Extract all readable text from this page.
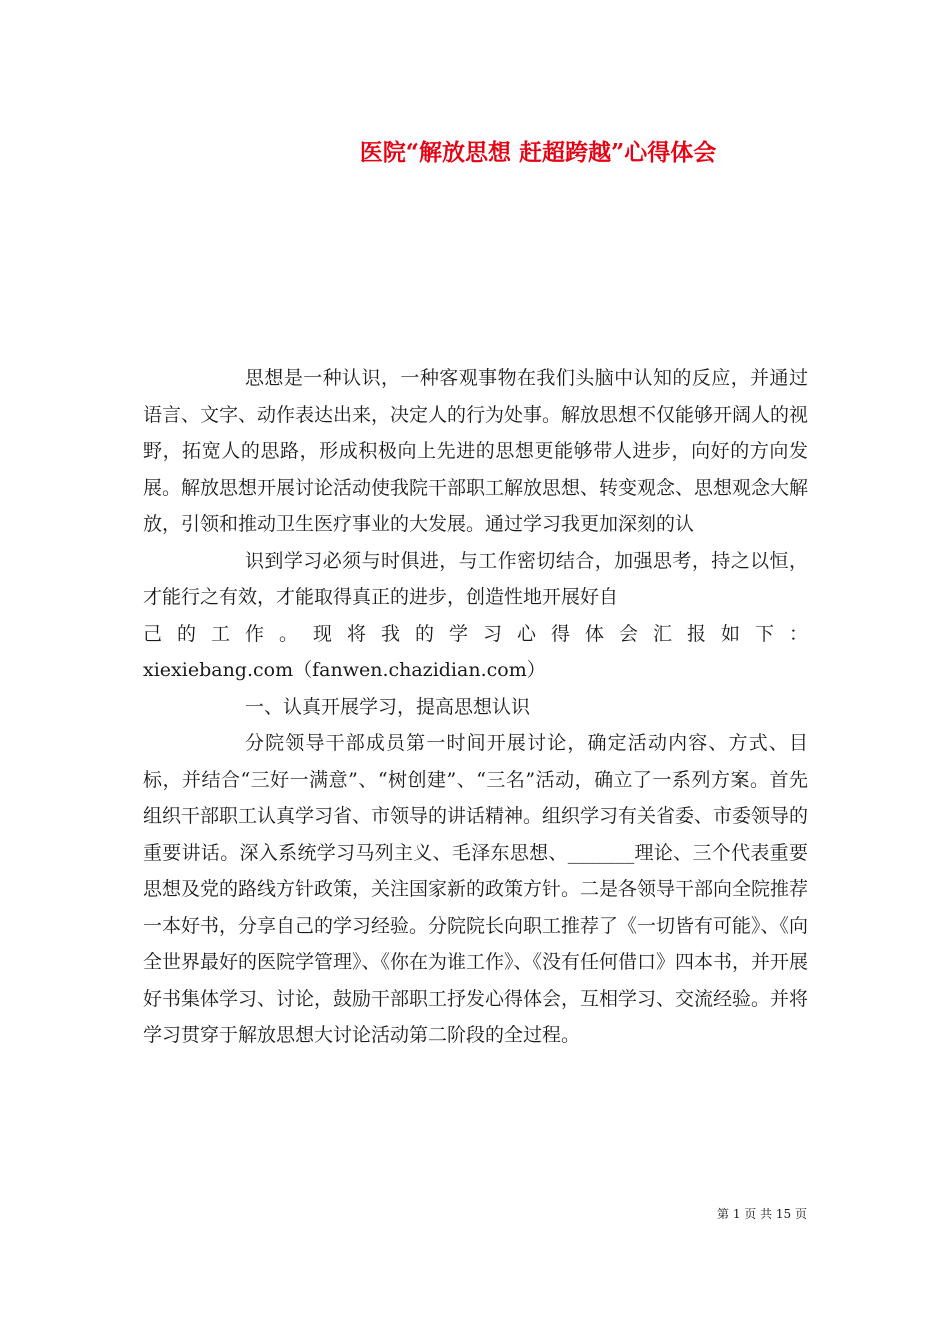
医院“解放思想 赶超跨越”心得体会

思想是一种认识，一种客观事物在我们头脑中认知的反应，并通过语言、文字、动作表达出来，决定人的行为处事。解放思想不仅能够开阔人的视野，拓宽人的思路，形成积极向上先进的思想更能够带人进步，向好的方向发展。解放思想开展讨论活动使我院干部职工解放思想、转变观念、思想观念大解放，引领和推动卫生医疗事业的大发展。通过学习我更加深刻的认

识到学习必须与时俱进，与工作密切结合，加强思考，持之以恒，才能行之有效，才能取得真正的进步，创造性地开展好自

己的工作。现将我的学习心得体会汇报如下：

xiexiebang.com（fanwen.chazidian.com）

一、认真开展学习，提高思想认识

分院领导干部成员第一时间开展讨论，确定活动内容、方式、目标，并结合“三好一满意”、“树创建”、“三名”活动，确立了一系列方案。首先组织干部职工认真学习省、市领导的讲话精神。组织学习有关省委、市委领导的重要讲话。深入系统学习马列主义、毛泽东思想、_______理论、三个代表重要思想及党的路线方针政策，关注国家新的政策方针。二是各领导干部向全院推荐一本好书，分享自己的学习经验。分院院长向职工推荐了《一切皆有可能》、《向全世界最好的医院学管理》、《你在为谁工作》、《没有任何借口》四本书，并开展好书集体学习、讨论，鼓励干部职工抒发心得体会，互相学习、交流经验。并将学习贯穿于解放思想大讨论活动第二阶段的全过程。

第 1 页 共 15 页
